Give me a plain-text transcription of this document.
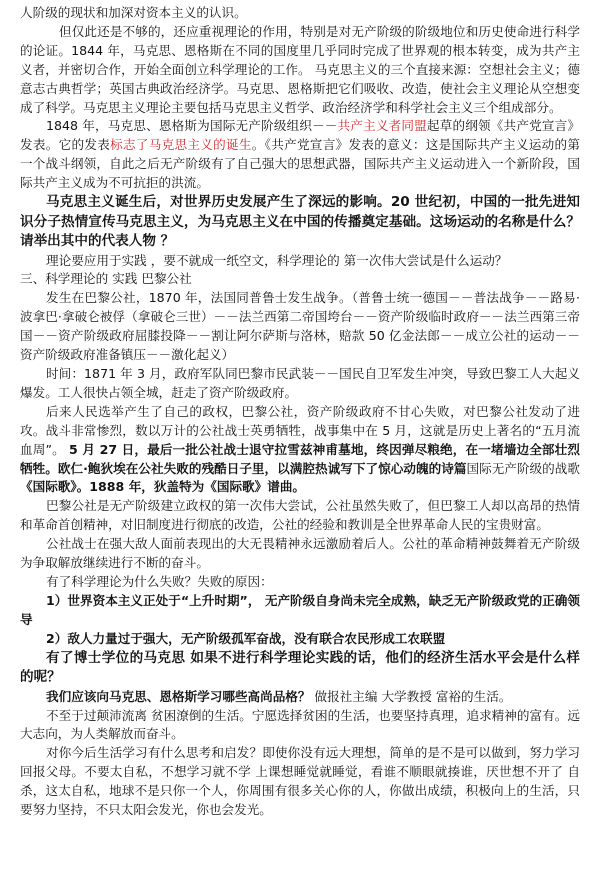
人阶级的现状和加深对资本主义的认识。

但仅此还是不够的，还应重视理论的作用，特别是对无产阶级的阶级地位和历史使命进行科学的论证。1844 年，马克思、恩格斯在不同的国度里几乎同时完成了世界观的根本转变，成为共产主义者，并密切合作，开始全面创立科学理论的工作。 马克思主义的三个直接来源：空想社会主义；德意志古典哲学；英国古典政治经济学。马克思、恩格斯把它们吸收、改造，使社会主义理论从空想变成了科学。马克思主义理论主要包括马克思主义哲学、政治经济学和科学社会主义三个组成部分。

1848 年，马克思、恩格斯为国际无产阶级组织－－共产主义者同盟起草的纲领《共产党宣言》发表。它的发表标志了马克思主义的诞生。《共产党宣言》发表的意义：这是国际共产主义运动的第一个战斗纲领，自此之后无产阶级有了自己强大的思想武器，国际共产主义运动进入一个新阶段，国际共产主义成为不可抗拒的洪流。

马克思主义诞生后，对世界历史发展产生了深远的影响。20 世纪初，中国的一批先进知识分子热情宣传马克思主义，为马克思主义在中国的传播奠定基础。这场运动的名称是什么？请举出其中的代表人物 ？

理论要应用于实践 ，要不就成一纸空文，科学理论的 第一次伟大尝试是什么运动？

三、科学理论的 实践 巴黎公社

发生在巴黎公社，1870 年，法国同普鲁士发生战争。（普鲁士统一德国－－普法战争－－路易·波拿巴·拿破仑被俘（拿破仑三世）－－法兰西第二帝国垮台－－资产阶级临时政府－－法兰西第三帝国－－资产阶级政府屈膝投降－－割让阿尔萨斯与洛林，赔款 50 亿金法郎－－成立公社的运动－－资产阶级政府准备镇压－－激化起义）

时间：1871 年 3 月，政府军队同巴黎市民武装－－国民自卫军发生冲突，导致巴黎工人大起义爆发。工人很快占领全城，赶走了资产阶级政府。

后来人民选举产生了自己的政权，巴黎公社，资产阶级政府不甘心失败，对巴黎公社发动了进攻。战斗非常惨烈，数以万计的公社战士英勇牺牲，战事集中在 5 月，这就是历史上著名的“五月流血周”。 5 月 27 日，最后一批公社战士退守拉雪兹神甫墓地，终因弹尽粮绝，在一堵墙边全部壮烈牺牲。欧仁·鲍狄埃在公社失败的残酷日子里，以满腔热诚写下了惊心动魄的诗篇国际无产阶级的战歌《国际歌》。1888 年，狄盖特为《国际歌》谱曲。

巴黎公社是无产阶级建立政权的第一次伟大尝试，公社虽然失败了，但巴黎工人却以高昂的热情和革命首创精神，对旧制度进行彻底的改造，公社的经验和教训是全世界革命人民的宝贵财富。

公社战士在强大敌人面前表现出的大无畏精神永远激励着后人。公社的革命精神鼓舞着无产阶级为争取解放继续进行不断的奋斗。

有了科学理论为什么失败？失败的原因：

1）世界资本主义正处于“上升时期”， 无产阶级自身尚未完全成熟，缺乏无产阶级政党的正确领导

2）敌人力量过于强大，无产阶级孤军奋战，没有联合农民形成工农联盟

有了博士学位的马克思 如果不进行科学理论实践的话，他们的经济生活水平会是什么样的呢？

我们应该向马克思、恩格斯学习哪些高尚品格？ 做报社主编 大学教授 富裕的生活。

不至于过颠沛流离 贫困潦倒的生活。宁愿选择贫困的生活，也要坚持真理，追求精神的富有。远大志向，为人类解放而奋斗。

对你今后生活学习有什么思考和启发？即使你没有远大理想，简单的是不是可以做到，努力学习回报父母。不要太自私，不想学习就不学 上课想睡觉就睡觉，看谁不顺眼就揍谁，厌世想不开了 自杀，这太自私，地球不是只你一个人，你周围有很多关心你的人，你做出成绩，积极向上的生活，只要努力坚持，不只太阳会发光，你也会发光。
